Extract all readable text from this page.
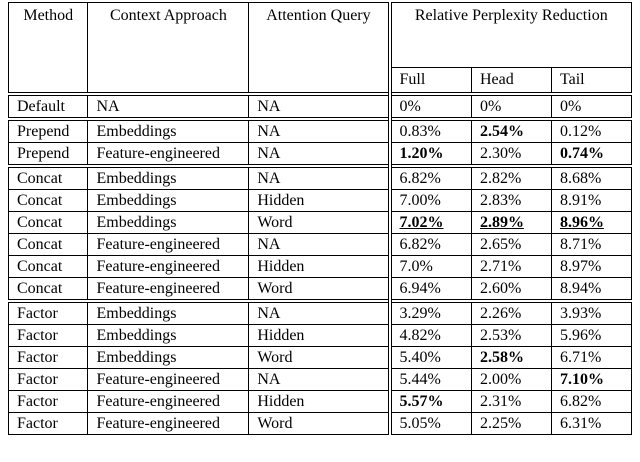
Method	Context Approach	Attention Query	Relative Perplexity Reduction		
			Full	Head	Tail
Default	NA	NA	0%	0%	0%
Prepend	Embeddings	NA	0.83%	2.54%	0.12%
Prepend	Feature-engineered	NA	1.20%	2.30%	0.74%
Concat	Embeddings	NA	6.82%	2.82%	8.68%
Concat	Embeddings	Hidden	7.00%	2.83%	8.91%
Concat	Embeddings	Word	7.02%	2.89%	8.96%
Concat	Feature-engineered	NA	6.82%	2.65%	8.71%
Concat	Feature-engineered	Hidden	7.0%	2.71%	8.97%
Concat	Feature-engineered	Word	6.94%	2.60%	8.94%
Factor	Embeddings	NA	3.29%	2.26%	3.93%
Factor	Embeddings	Hidden	4.82%	2.53%	5.96%
Factor	Embeddings	Word	5.40%	2.58%	6.71%
Factor	Feature-engineered	NA	5.44%	2.00%	7.10%
Factor	Feature-engineered	Hidden	5.57%	2.31%	6.82%
Factor	Feature-engineered	Word	5.05%	2.25%	6.31%
